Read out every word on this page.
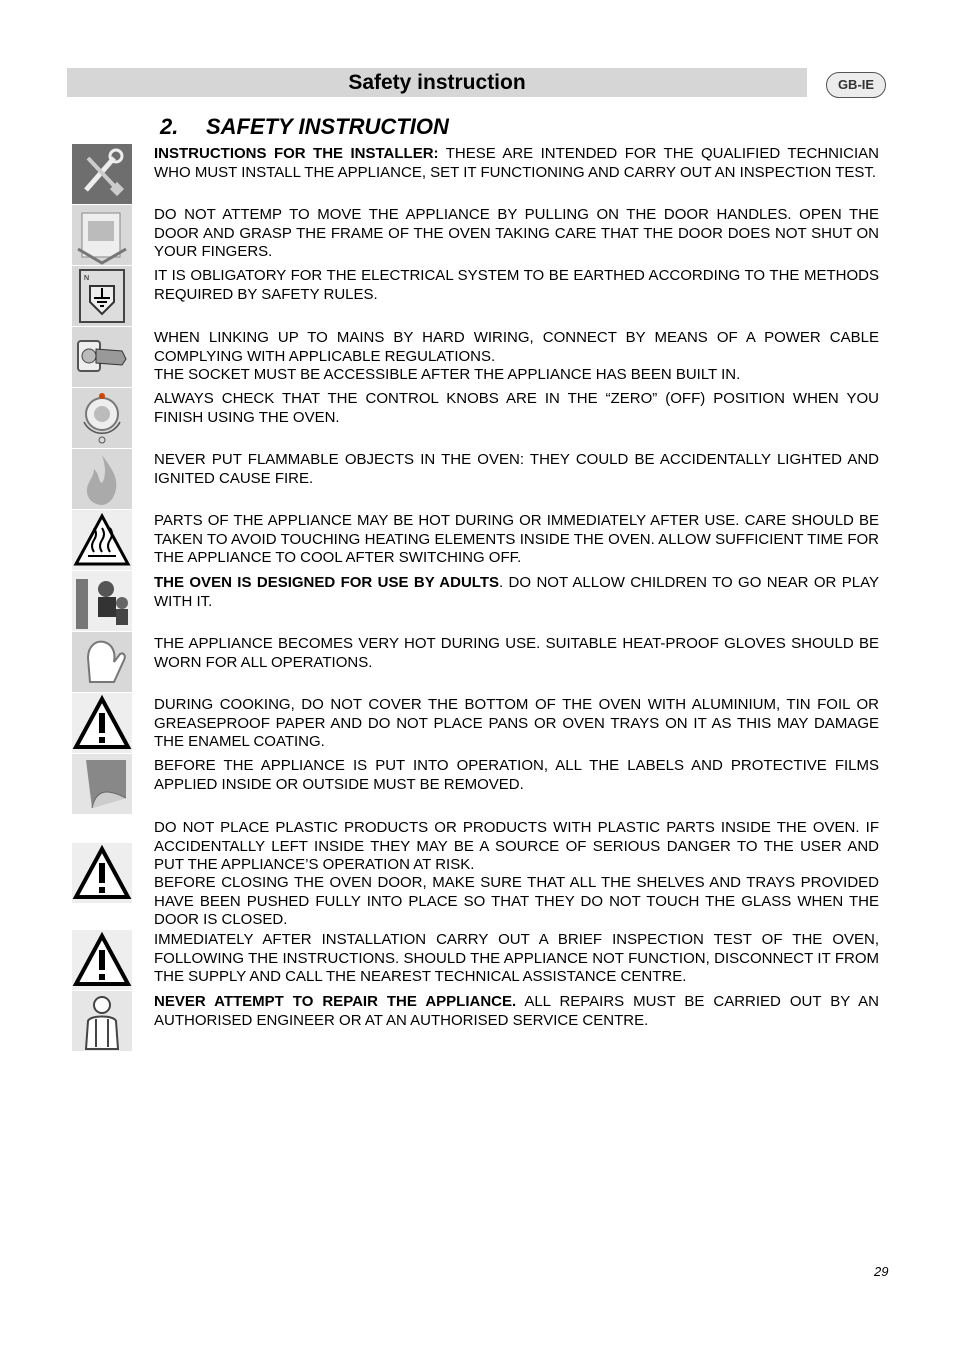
Safety instruction	GB-IE
2. SAFETY INSTRUCTION
N

INSTRUCTIONS FOR THE INSTALLER: THESE ARE INTENDED FOR THE QUALIFIED TECHNICIAN WHO MUST INSTALL THE APPLIANCE, SET IT FUNCTIONING AND CARRY OUT AN INSPECTION TEST.

DO NOT ATTEMP TO MOVE THE APPLIANCE BY PULLING ON THE DOOR HANDLES. OPEN THE DOOR AND GRASP THE FRAME OF THE OVEN TAKING CARE THAT THE DOOR DOES NOT SHUT ON YOUR FINGERS.

IT IS OBLIGATORY FOR THE ELECTRICAL SYSTEM TO BE EARTHED ACCORDING TO THE METHODS REQUIRED BY SAFETY RULES.

WHEN LINKING UP TO MAINS BY HARD WIRING, CONNECT BY MEANS OF A POWER CABLE COMPLYING WITH APPLICABLE REGULATIONS.

THE SOCKET MUST BE ACCESSIBLE AFTER THE APPLIANCE HAS BEEN BUILT IN.

ALWAYS CHECK THAT THE CONTROL KNOBS ARE IN THE “ZERO” (OFF) POSITION WHEN YOU FINISH USING THE OVEN.

NEVER PUT FLAMMABLE OBJECTS IN THE OVEN: THEY COULD BE ACCIDENTALLY LIGHTED AND IGNITED CAUSE FIRE.

PARTS OF THE APPLIANCE MAY BE HOT DURING OR IMMEDIATELY AFTER USE. CARE SHOULD BE TAKEN TO AVOID TOUCHING HEATING ELEMENTS INSIDE THE OVEN. ALLOW SUFFICIENT TIME FOR THE APPLIANCE TO COOL AFTER SWITCHING OFF.

THE OVEN IS DESIGNED FOR USE BY ADULTS. DO NOT ALLOW CHILDREN TO GO NEAR OR PLAY WITH IT.

THE APPLIANCE BECOMES VERY HOT DURING USE. SUITABLE HEAT-PROOF GLOVES SHOULD BE WORN FOR ALL OPERATIONS.

DURING COOKING, DO NOT COVER THE BOTTOM OF THE OVEN WITH ALUMINIUM, TIN FOIL OR GREASEPROOF PAPER AND DO NOT PLACE PANS OR OVEN TRAYS ON IT AS THIS MAY DAMAGE THE ENAMEL COATING.

BEFORE THE APPLIANCE IS PUT INTO OPERATION, ALL THE LABELS AND PROTECTIVE FILMS APPLIED INSIDE OR OUTSIDE MUST BE REMOVED.

DO NOT PLACE PLASTIC PRODUCTS OR PRODUCTS WITH PLASTIC PARTS INSIDE THE OVEN. IF ACCIDENTALLY LEFT INSIDE THEY MAY BE A SOURCE OF SERIOUS DANGER TO THE USER AND PUT THE APPLIANCE’S OPERATION AT RISK.

BEFORE CLOSING THE OVEN DOOR, MAKE SURE THAT ALL THE SHELVES AND TRAYS PROVIDED HAVE BEEN PUSHED FULLY INTO PLACE SO THAT THEY DO NOT TOUCH THE GLASS WHEN THE DOOR IS CLOSED.

IMMEDIATELY AFTER INSTALLATION CARRY OUT A BRIEF INSPECTION TEST OF THE OVEN, FOLLOWING THE INSTRUCTIONS. SHOULD THE APPLIANCE NOT FUNCTION, DISCONNECT IT FROM THE SUPPLY AND CALL THE NEAREST TECHNICAL ASSISTANCE CENTRE.

NEVER ATTEMPT TO REPAIR THE APPLIANCE. ALL REPAIRS MUST BE CARRIED OUT BY AN AUTHORISED ENGINEER OR AT AN AUTHORISED SERVICE CENTRE.

29
